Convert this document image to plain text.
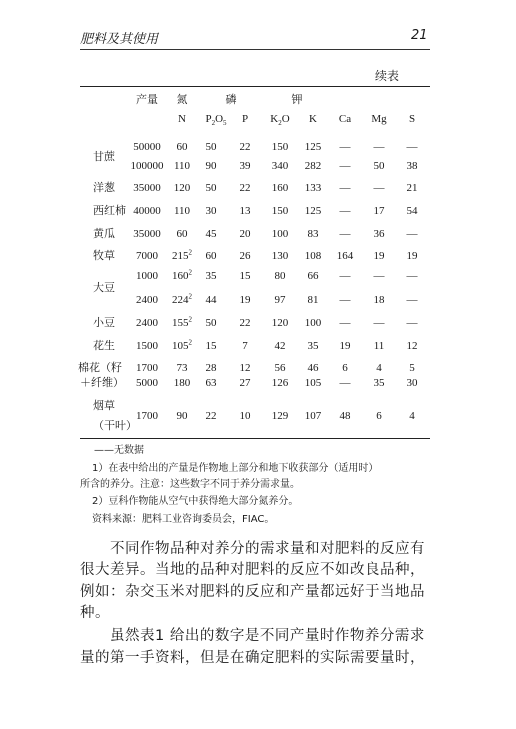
肥料及其使用	21
续表
产量 氮	磷	钾
N $P_2O_5$ P $K_2O$ K Ca Mg S
甘蔗
50000 60 50 22 150 125 — — —
100000 110 90 39 340 282 — 50 38
洋葱 35000 120 50 22 160 133 — — 21
西红柿 40000 110 30 13 150 125 — 17 54
黄瓜 35000 60 45 20 100 83 — 36 —
牧草 7000 $215^2$ 60 26 130 108 164 19 19
大豆
1000 $160^2$ 35 15 80 66 — — —
2400 $224^2$ 44 19 97 81 — 18 —
小豆 2400 $155^2$ 50 22 120 100 — — —
花生 1500 $105^2$ 15 7 42 35 19 11 12
棉花（籽 1700 73 28 12 56 46 6	4	5
＋纤维） 5000 180 63 27 126 105 — 35 30
烟草
1700 90 22 10 129 107 48 6	4
（干叶）
——无数据
1）在表中给出的产量是作物地上部分和地下收获部分（适用时）
所含的养分。注意：这些数字不同于养分需求量。
2）豆科作物能从空气中获得绝大部分氮养分。
资料来源：肥料工业咨询委员会，FIAC。
不同作物品种对养分的需求量和对肥料的反应有
很大差异。当地的品种对肥料的反应不如改良品种，
例如：杂交玉米对肥料的反应和产量都远好于当地品
种。
虽然表1 给出的数字是不同产量时作物养分需求
量的第一手资料，但是在确定肥料的实际需要量时，
